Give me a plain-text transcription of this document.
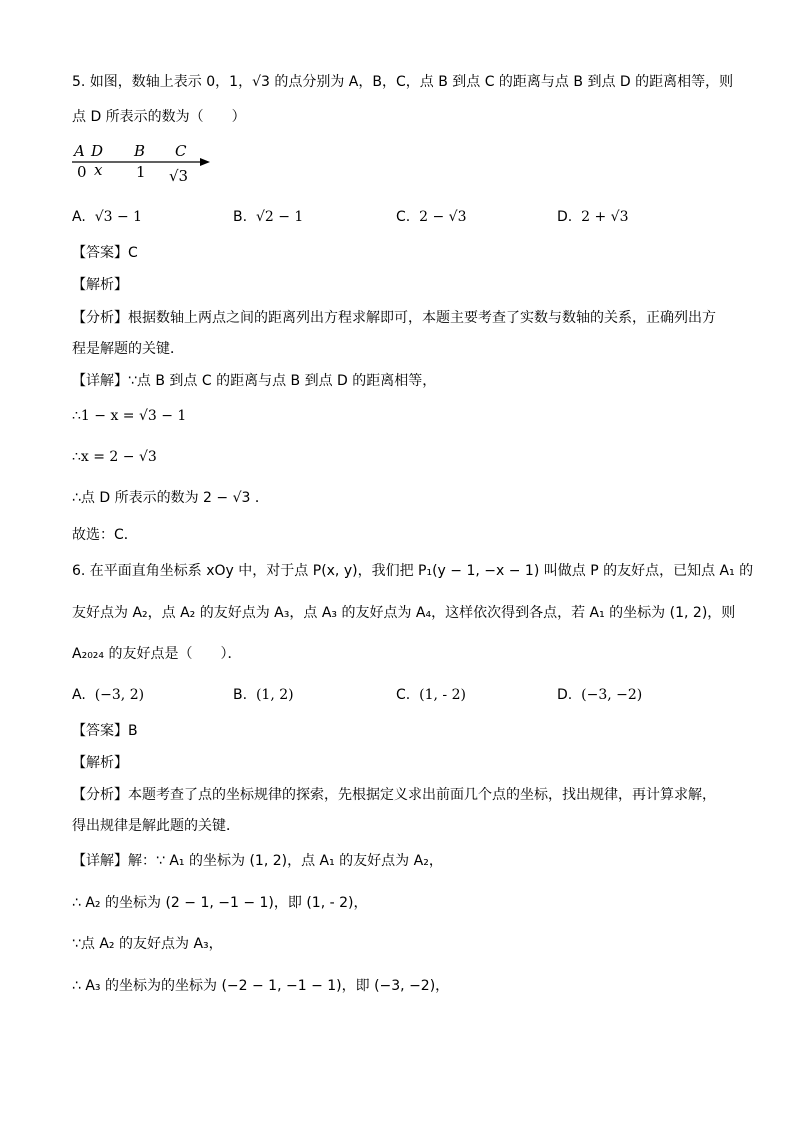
5. 如图，数轴上表示 0，1，√3 的点分别为 A，B，C，点 B 到点 C 的距离与点 B 到点 D 的距离相等，则
点 D 所表示的数为（　　）
A D B C
0 x 1 √3
A. √3 − 1	B. √2 − 1	C. 2 − √3	D. 2 + √3
【答案】C
【解析】
【分析】根据数轴上两点之间的距离列出方程求解即可，本题主要考查了实数与数轴的关系，正确列出方
程是解题的关键．
【详解】∵点 B 到点 C 的距离与点 B 到点 D 的距离相等，
∴1 − x = √3 − 1
∴x = 2 − √3
∴点 D 所表示的数为 2 − √3 ．
故选：C．
6. 在平面直角坐标系 xOy 中，对于点 P(x, y)，我们把 P₁(y − 1, −x − 1) 叫做点 P 的友好点，已知点 A₁ 的
友好点为 A₂，点 A₂ 的友好点为 A₃，点 A₃ 的友好点为 A₄，这样依次得到各点，若 A₁ 的坐标为 (1, 2)，则
A₂₀₂₄ 的友好点是（　　）．
A. (−3, 2)	B. (1, 2)	C. (1, - 2)	D. (−3, −2)
【答案】B
【解析】
【分析】本题考查了点的坐标规律的探索，先根据定义求出前面几个点的坐标，找出规律，再计算求解，
得出规律是解此题的关键．
【详解】解：∵ A₁ 的坐标为 (1, 2)，点 A₁ 的友好点为 A₂，
∴ A₂ 的坐标为 (2 − 1, −1 − 1)，即 (1, - 2)，
∵点 A₂ 的友好点为 A₃，
∴ A₃ 的坐标为的坐标为 (−2 − 1, −1 − 1)，即 (−3, −2)，
